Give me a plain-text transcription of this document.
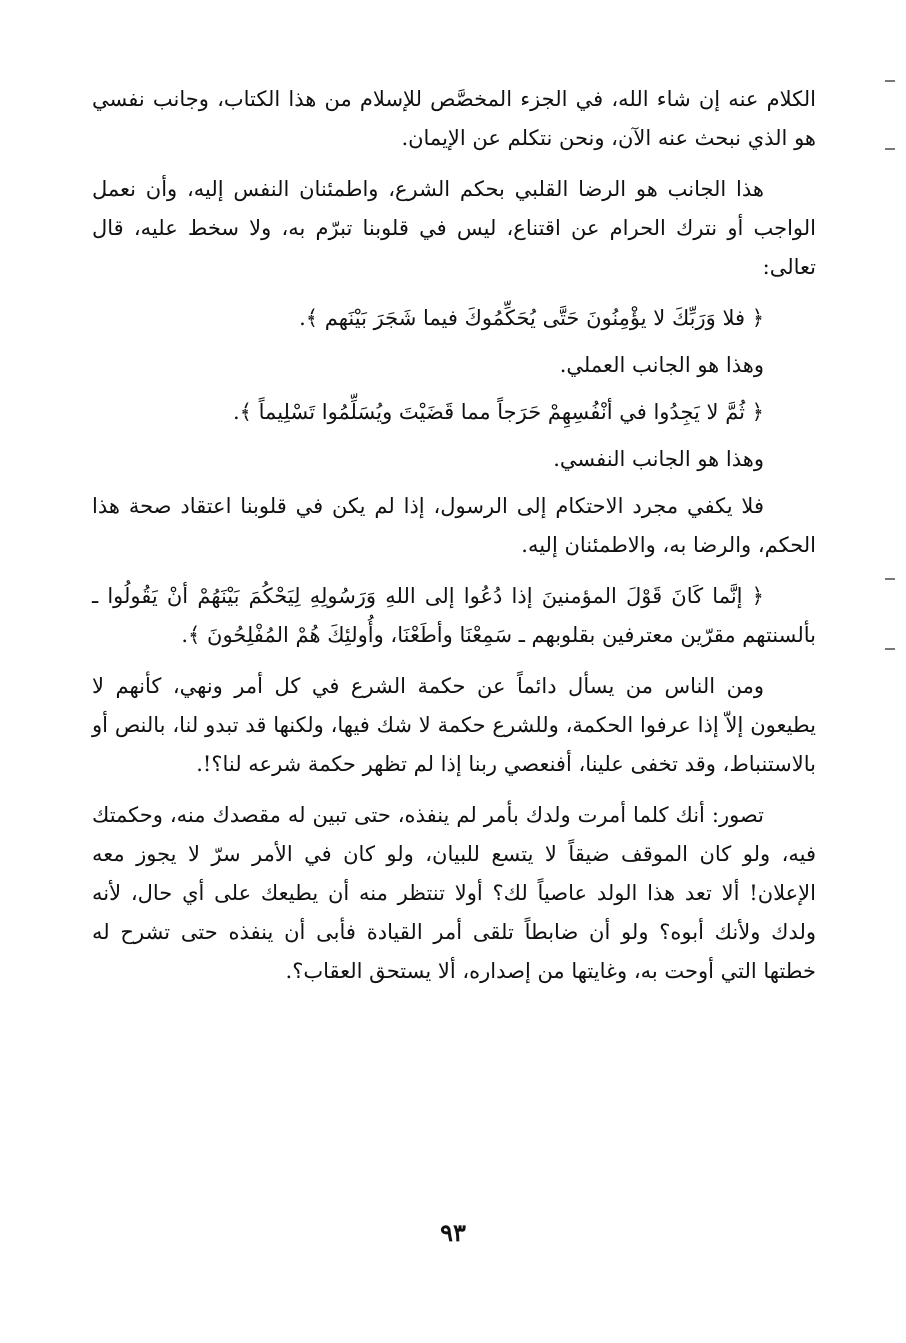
الكلام عنه إن شاء الله، في الجزء المخصَّص للإسلام من هذا الكتاب، وجانب نفسي هو الذي نبحث عنه الآن، ونحن نتكلم عن الإيمان.

هذا الجانب هو الرضا القلبي بحكم الشرع، واطمئنان النفس إليه، وأن نعمل الواجب أو نترك الحرام عن اقتناع، ليس في قلوبنا تبرّم به، ولا سخط عليه، قال تعالى:

﴿ فلا وَرَبِّكَ لا يؤْمِنُونَ حَتَّى يُحَكِّمُوكَ فيما شَجَرَ بَيْنَهم ﴾.

وهذا هو الجانب العملي.

﴿ ثُمَّ لا يَجِدُوا في أنْفُسِهِمْ حَرَجاً مما قَضَيْتَ ويُسَلِّمُوا تَسْلِيماً ﴾.

وهذا هو الجانب النفسي.

فلا يكفي مجرد الاحتكام إلى الرسول، إذا لم يكن في قلوبنا اعتقاد صحة هذا الحكم، والرضا به، والاطمئنان إليه.

﴿ إنَّما كَانَ قَوْلَ المؤمنينَ إذا دُعُوا إلى اللهِ وَرَسُولِهِ لِيَحْكُمَ بَيْنَهُمْ أنْ يَقُولُوا ـ بألسنتهم مقرّين معترفين بقلوبهم ـ سَمِعْنَا وأطَعْنَا، وأُولئِكَ هُمْ المُفْلِحُونَ ﴾.

ومن الناس من يسأل دائماً عن حكمة الشرع في كل أمر ونهي، كأنهم لا يطيعون إلاّ إذا عرفوا الحكمة، وللشرع حكمة لا شك فيها، ولكنها قد تبدو لنا، بالنص أو بالاستنباط، وقد تخفى علينا، أفنعصي ربنا إذا لم تظهر حكمة شرعه لنا؟!.

تصور: أنك كلما أمرت ولدك بأمر لم ينفذه، حتى تبين له مقصدك منه، وحكمتك فيه، ولو كان الموقف ضيقاً لا يتسع للبيان، ولو كان في الأمر سرّ لا يجوز معه الإعلان! ألا تعد هذا الولد عاصياً لك؟ أولا تنتظر منه أن يطيعك على أي حال، لأنه ولدك ولأنك أبوه؟ ولو أن ضابطاً تلقى أمر القيادة فأبى أن ينفذه حتى تشرح له خطتها التي أوحت به، وغايتها من إصداره، ألا يستحق العقاب؟.

٩٣
